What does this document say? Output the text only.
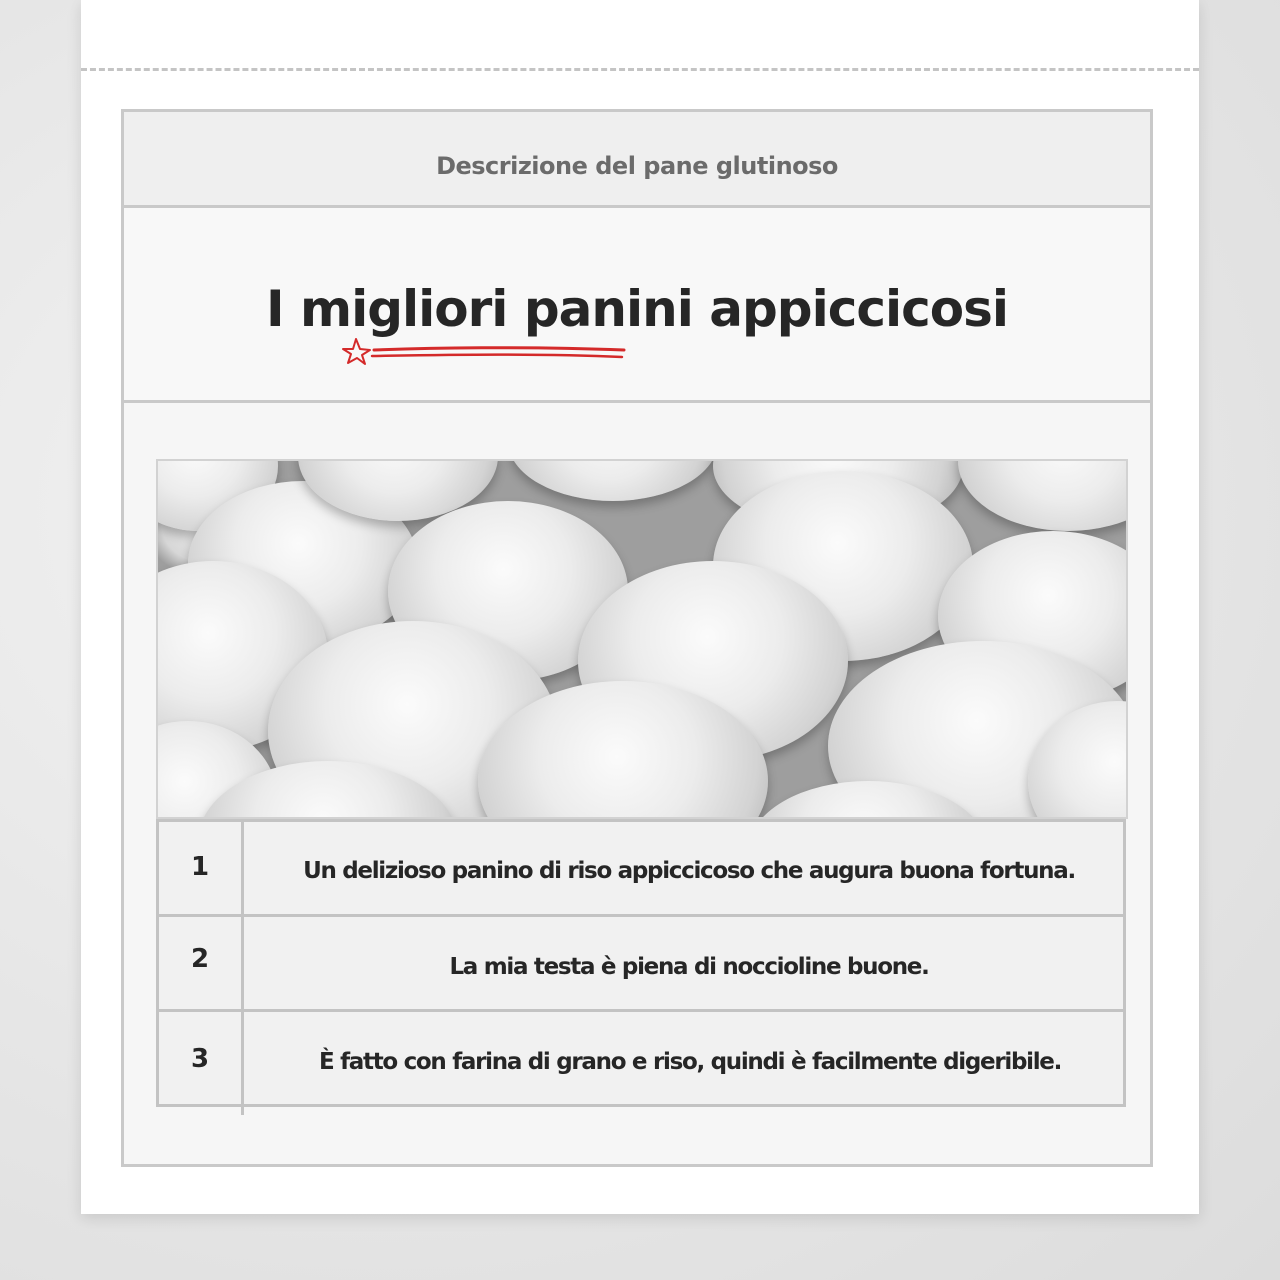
Descrizione del pane glutinoso
I migliori panini appiccicosi
1	Un delizioso panino di riso appiccicoso che augura buona fortuna.
2	La mia testa è piena di noccioline buone.
3	È fatto con farina di grano e riso, quindi è facilmente digeribile.
